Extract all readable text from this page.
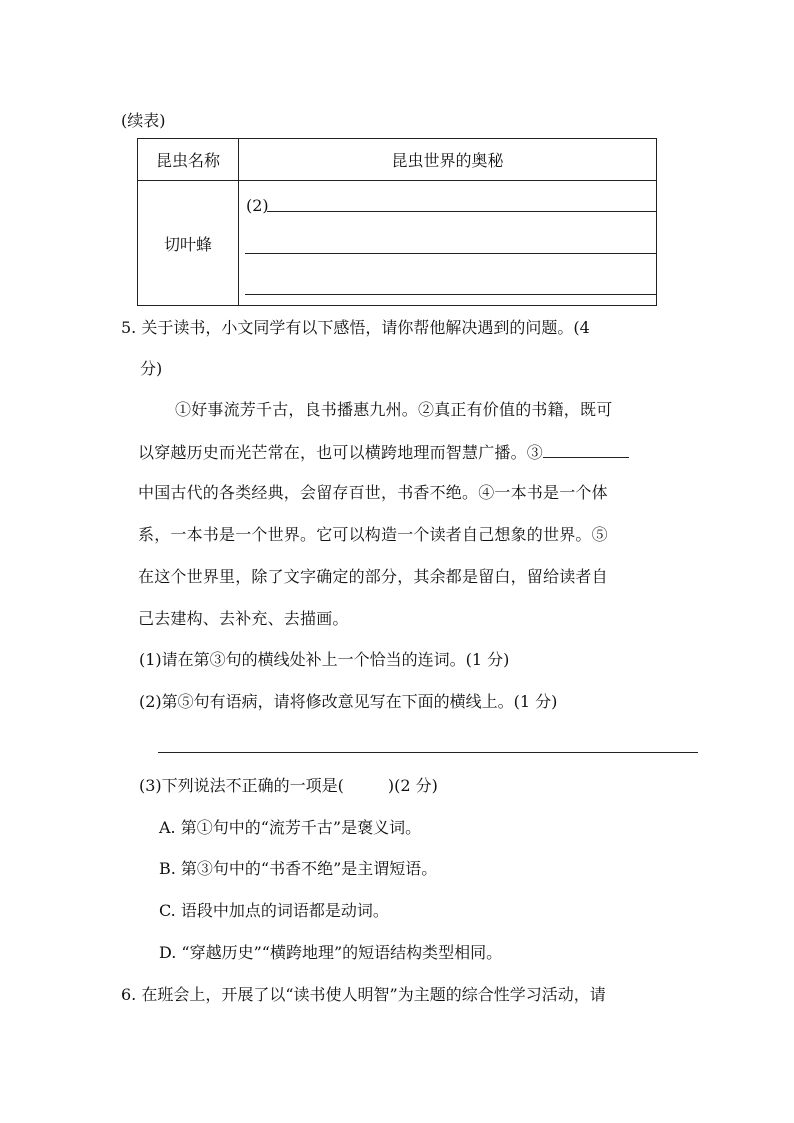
(续表)
昆虫名称	昆虫世界的奥秘
切叶蜂	(2)
5. 关于读书，小文同学有以下感悟，请你帮他解决遇到的问题。(4
分)
①好事流芳千古，良书播惠九州。②真正有价值的书籍，既可
以穿越历史而光芒常在，也可以横跨地理而智慧广播。③
中国古代的各类经典，会留存百世，书香不绝。④一本书是一个体
系，一本书是一个世界。它可以构造一个读者自己想象的世界。⑤
在这个世界里，除了文字确定的部分，其余都是留白，留给读者自
己去建构、去补充、去描画。
(1)请在第③句的横线处补上一个恰当的连词。(1 分)
(2)第⑤句有语病，请将修改意见写在下面的横线上。(1 分)
(3)下列说法不正确的一项是(	)(2 分)
A. 第①句中的“流芳千古”是褒义词。
B. 第③句中的“书香不绝”是主谓短语。
C. 语段中加点的词语都是动词。
D. “穿越历史”“横跨地理”的短语结构类型相同。
6. 在班会上，开展了以“读书使人明智”为主题的综合性学习活动，请
